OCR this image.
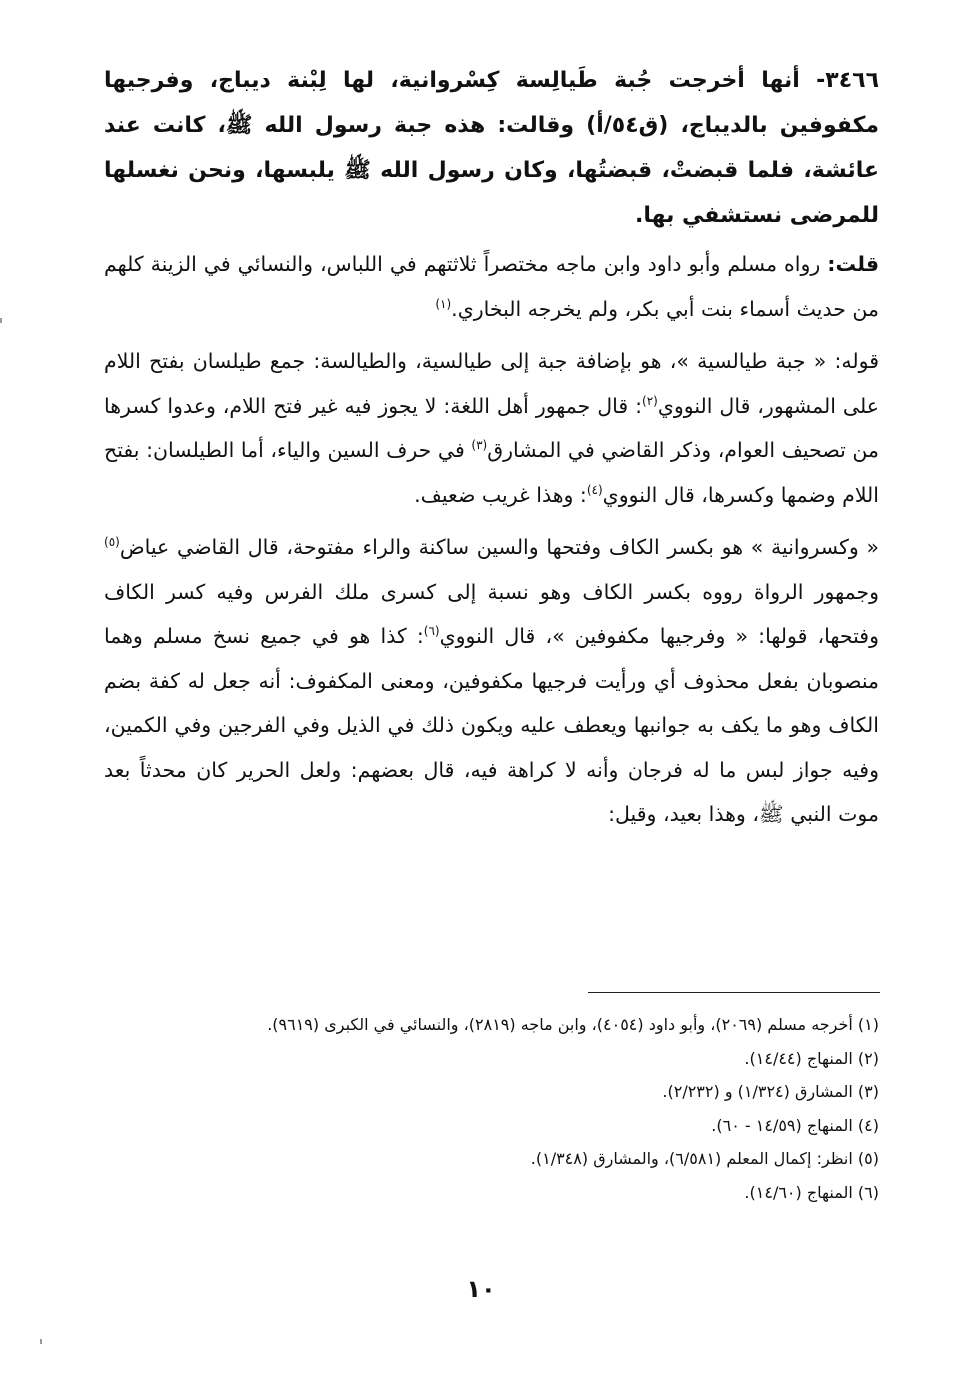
٣٤٦٦- أنها أخرجت جُبة طَيالِسة كِسْروانية، لها لِبْنة ديباج، وفرجيها مكفوفين بالديباج، (ق٥٤/أ) وقالت: هذه جبة رسول الله ﷺ، كانت عند عائشة، فلما قبضتْ، قبضتُها، وكان رسول الله ﷺ يلبسها، ونحن نغسلها للمرضى نستشفي بها.

قلت: رواه مسلم وأبو داود وابن ماجه مختصراً ثلاثتهم في اللباس، والنسائي في الزينة كلهم من حديث أسماء بنت أبي بكر، ولم يخرجه البخاري.$^{(١)}$

قوله: « جبة طيالسية »، هو بإضافة جبة إلى طيالسية، والطيالسة: جمع طيلسان بفتح اللام على المشهور، قال النووي$^{(٢)}$: قال جمهور أهل اللغة: لا يجوز فيه غير فتح اللام، وعدوا كسرها من تصحيف العوام، وذكر القاضي في المشارق$^{(٣)}$ في حرف السين والياء، أما الطيلسان: بفتح اللام وضمها وكسرها، قال النووي$^{(٤)}$: وهذا غريب ضعيف.

« وكسروانية » هو بكسر الكاف وفتحها والسين ساكنة والراء مفتوحة، قال القاضي عياض$^{(٥)}$ وجمهور الرواة رووه بكسر الكاف وهو نسبة إلى كسرى ملك الفرس وفيه كسر الكاف وفتحها، قولها: « وفرجيها مكفوفين »، قال النووي$^{(٦)}$: كذا هو في جميع نسخ مسلم وهما منصوبان بفعل محذوف أي ورأيت فرجيها مكفوفين، ومعنى المكفوف: أنه جعل له كفة بضم الكاف وهو ما يكف به جوانبها ويعطف عليه ويكون ذلك في الذيل وفي الفرجين وفي الكمين، وفيه جواز لبس ما له فرجان وأنه لا كراهة فيه، قال بعضهم: ولعل الحرير كان محدثاً بعد موت النبي ﷺ، وهذا بعيد، وقيل:

(١) أخرجه مسلم (٢٠٦٩)، وأبو داود (٤٠٥٤)، وابن ماجه (٢٨١٩)، والنسائي في الكبرى (٩٦١٩).

(٢) المنهاج (١٤/٤٤).

(٣) المشارق (١/٣٢٤) و (٢/٢٣٢).

(٤) المنهاج (١٤/٥٩ - ٦٠).

(٥) انظر: إكمال المعلم (٦/٥٨١)، والمشارق (١/٣٤٨).

(٦) المنهاج (١٤/٦٠).

١٠
